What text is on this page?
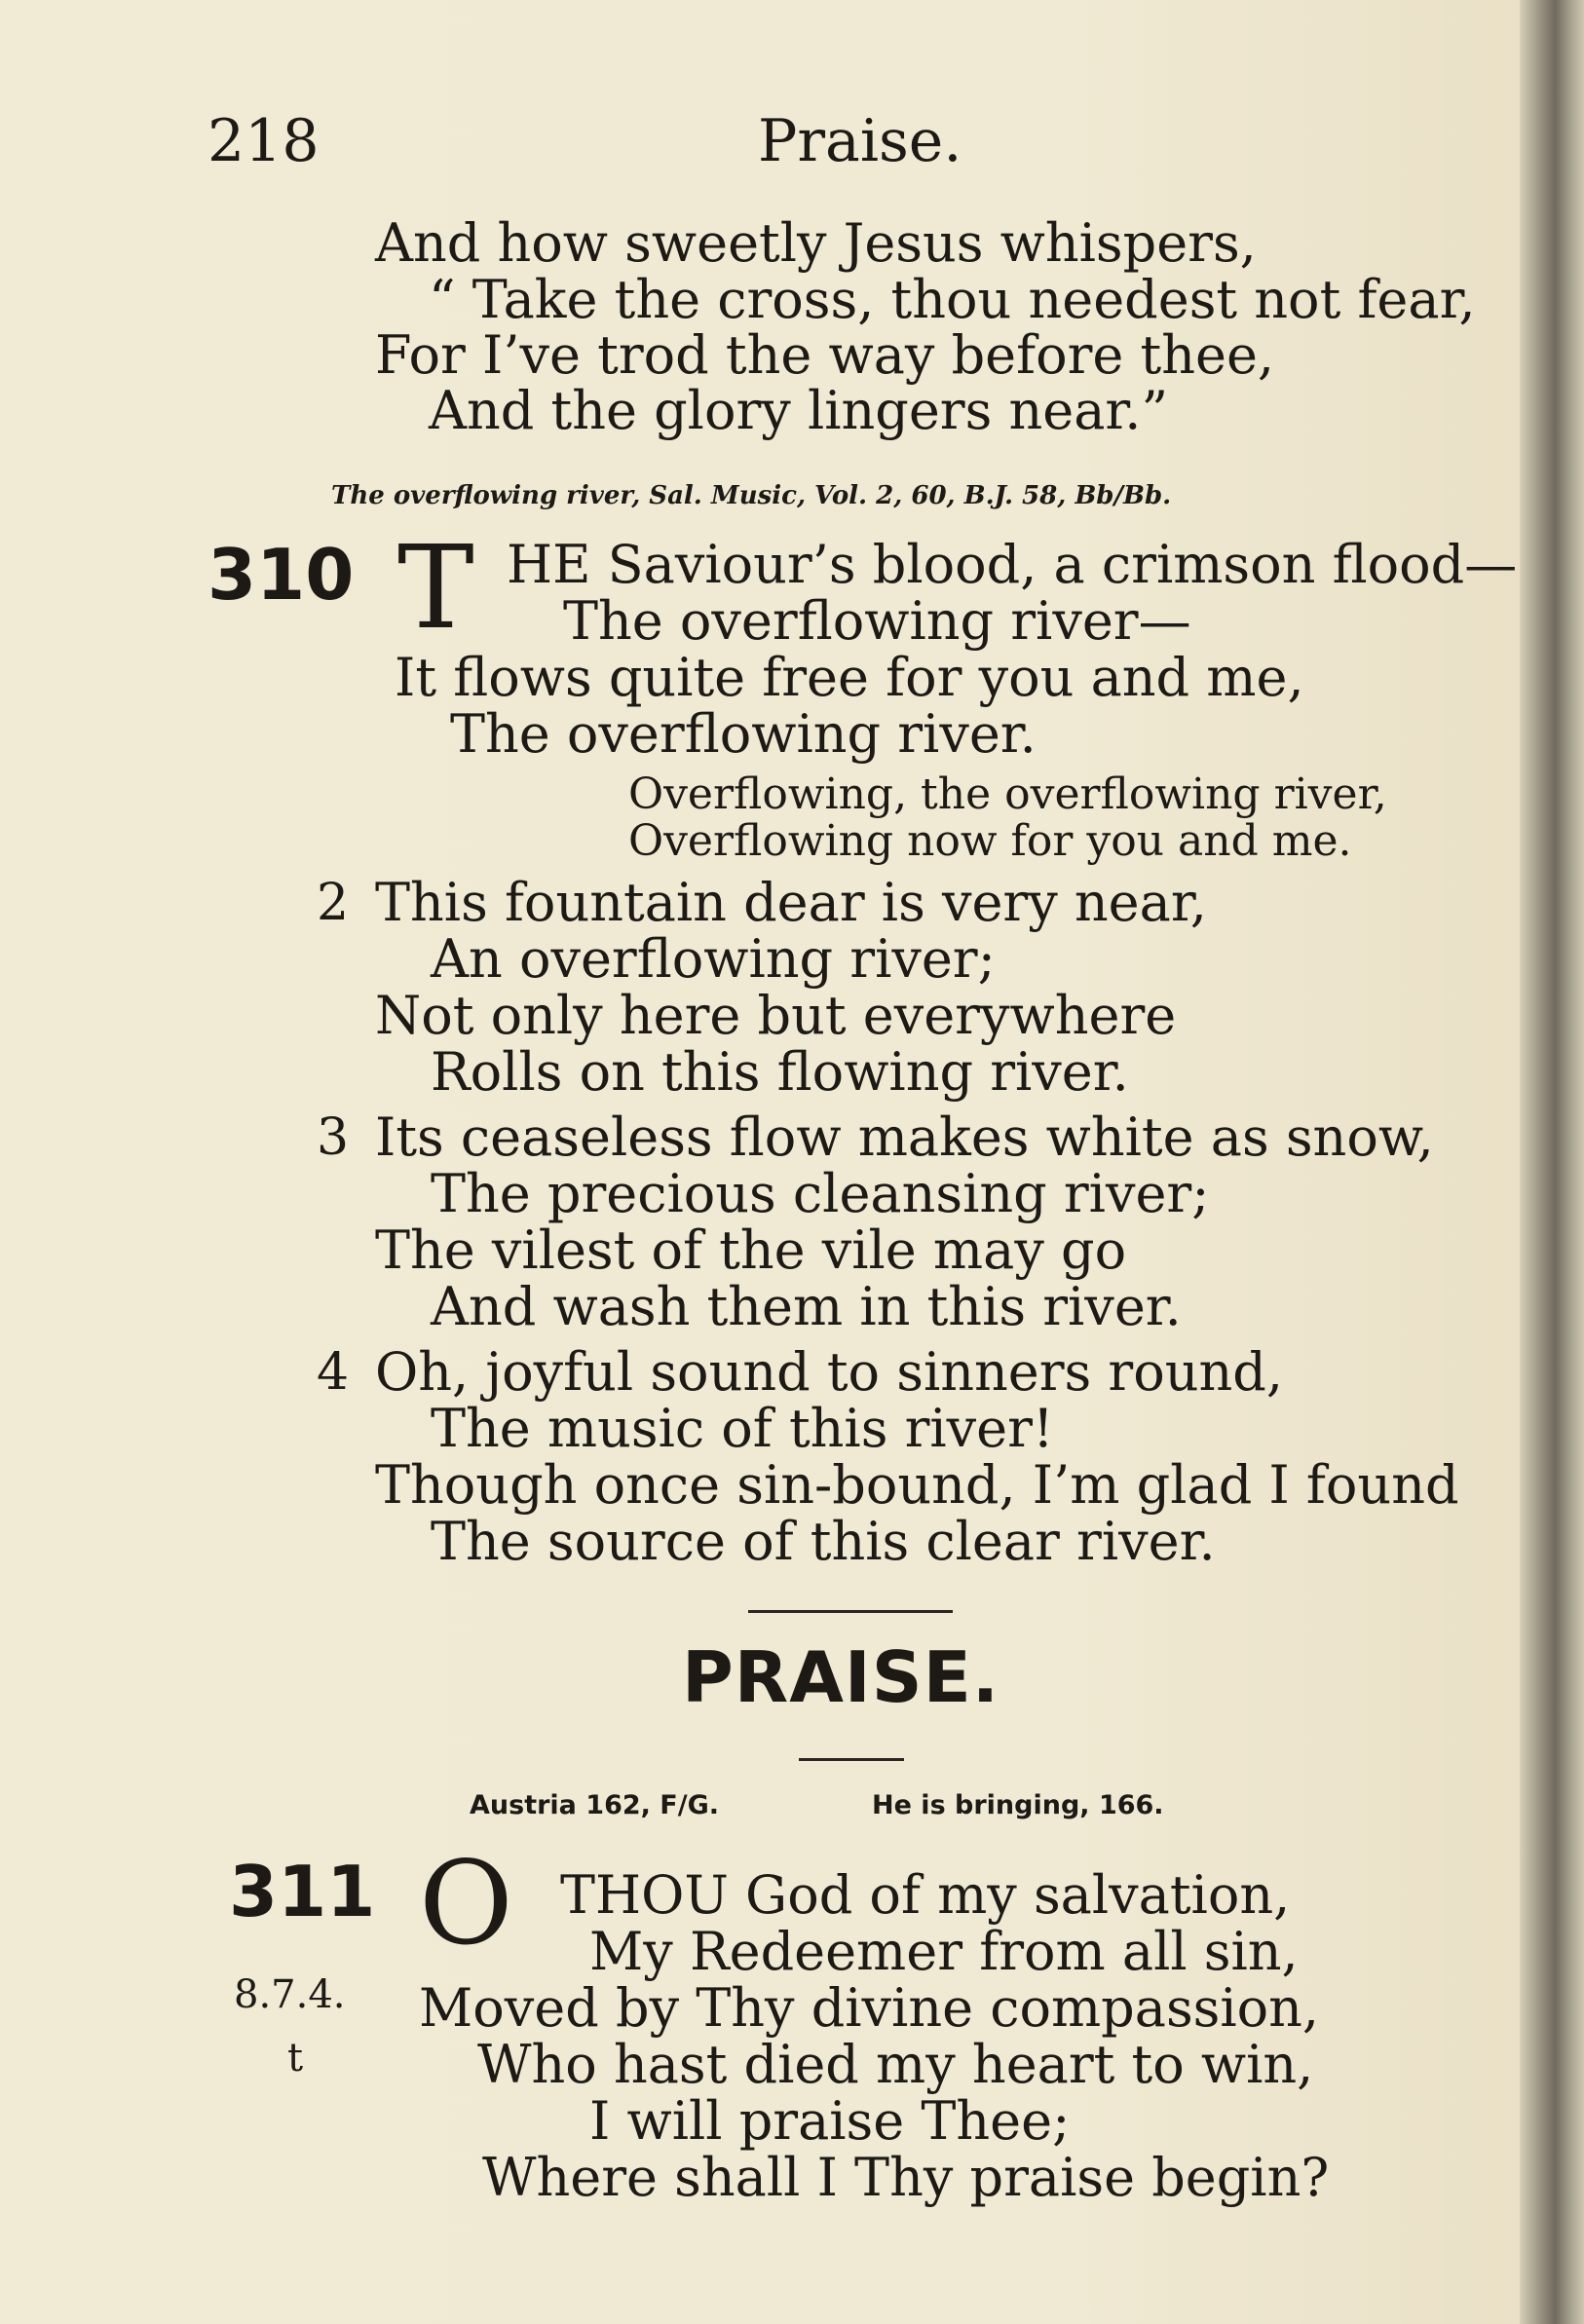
218	Praise.
And how sweetly Jesus whispers,
“ Take the cross, thou needest not fear,
For I’ve trod the way before thee,
And the glory lingers near.”
The overflowing river, Sal. Music, Vol. 2, 60, B.J. 58, Bb/Bb.
310 T HE Saviour’s blood, a crimson flood—
The overflowing river—
It flows quite free for you and me,
The overflowing river.
Overflowing, the overflowing river,
Overflowing now for you and me.
2 This fountain dear is very near,
An overflowing river;
Not only here but everywhere
Rolls on this flowing river.
3 Its ceaseless flow makes white as snow,
The precious cleansing river;
The vilest of the vile may go
And wash them in this river.
4 Oh, joyful sound to sinners round,
The music of this river!
Though once sin-bound, I’m glad I found
The source of this clear river.
PRAISE.
Austria 162, F/G.	He is bringing, 166.
311
8.7.4.
t
O THOU God of my salvation,
My Redeemer from all sin,
Moved by Thy divine compassion,
Who hast died my heart to win,
I will praise Thee;
Where shall I Thy praise begin?
